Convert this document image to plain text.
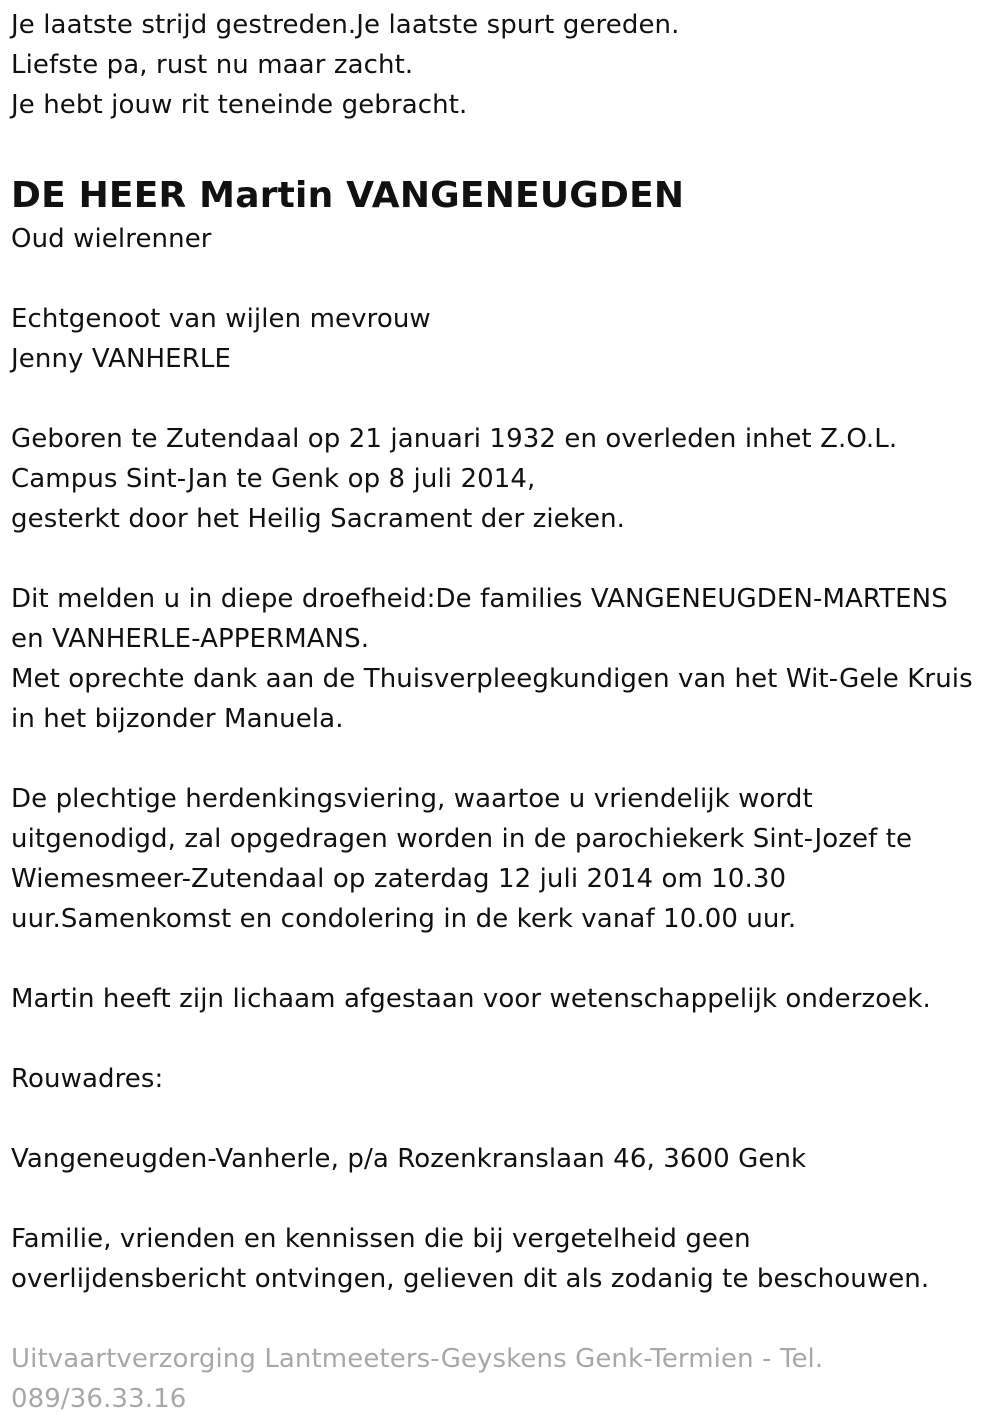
Je laatste strijd gestreden.Je laatste spurt gereden.
Liefste pa, rust nu maar zacht.
Je hebt jouw rit teneinde gebracht.
DE HEER Martin VANGENEUGDEN
Oud wielrenner
Echtgenoot van wijlen mevrouw
Jenny VANHERLE
Geboren te Zutendaal op 21 januari 1932 en overleden inhet Z.O.L.
Campus Sint-Jan te Genk op 8 juli 2014,
gesterkt door het Heilig Sacrament der zieken.
Dit melden u in diepe droefheid:De families VANGENEUGDEN-MARTENS
en VANHERLE-APPERMANS.
Met oprechte dank aan de Thuisverpleegkundigen van het Wit-Gele Kruis
in het bijzonder Manuela.
De plechtige herdenkingsviering, waartoe u vriendelijk wordt
uitgenodigd, zal opgedragen worden in de parochiekerk Sint-Jozef te
Wiemesmeer-Zutendaal op zaterdag 12 juli 2014 om 10.30
uur.Samenkomst en condolering in de kerk vanaf 10.00 uur.
Martin heeft zijn lichaam afgestaan voor wetenschappelijk onderzoek.
Rouwadres:
Vangeneugden-Vanherle, p/a Rozenkranslaan 46, 3600 Genk
Familie, vrienden en kennissen die bij vergetelheid geen
overlijdensbericht ontvingen, gelieven dit als zodanig te beschouwen.
Uitvaartverzorging Lantmeeters-Geyskens Genk-Termien - Tel.
089/36.33.16
